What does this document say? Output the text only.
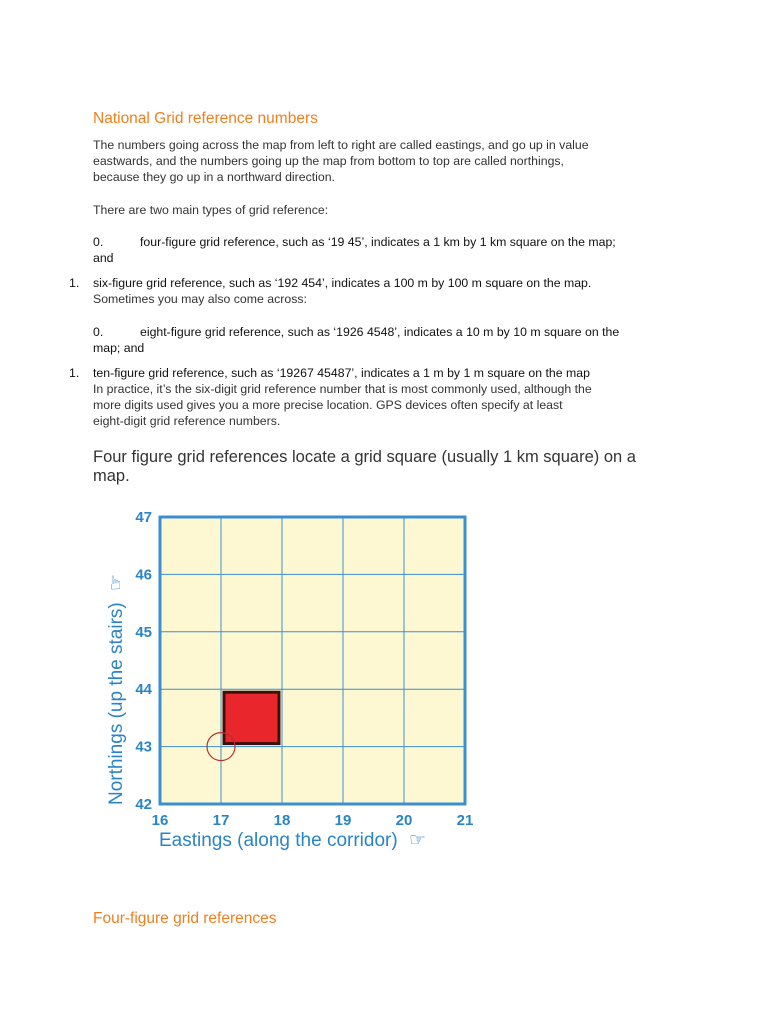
National Grid reference numbers
The numbers going across the map from left to right are called eastings, and go up in value
eastwards, and the numbers going up the map from bottom to top are called northings,
because they go up in a northward direction.
There are two main types of grid reference:
0.	four-figure grid reference, such as ‘19 45’, indicates a 1 km by 1 km square on the map;
and
1. six-figure grid reference, such as ‘192 454’, indicates a 100 m by 100 m square on the map.
Sometimes you may also come across:
0.	eight-figure grid reference, such as ‘1926 4548’, indicates a 10 m by 10 m square on the
map; and
1. ten-figure grid reference, such as ‘19267 45487’, indicates a 1 m by 1 m square on the map
In practice, it’s the six-digit grid reference number that is most commonly used, although the
more digits used gives you a more precise location. GPS devices often specify at least
eight-digit grid reference numbers.
Four figure grid references locate a grid square (usually 1 km square) on a
map.
16	17	18	19	20	21
42
43
44
45
46
47
Eastings (along the corridor) ☞
Northings (up the stairs) ☞
Four-figure grid references
